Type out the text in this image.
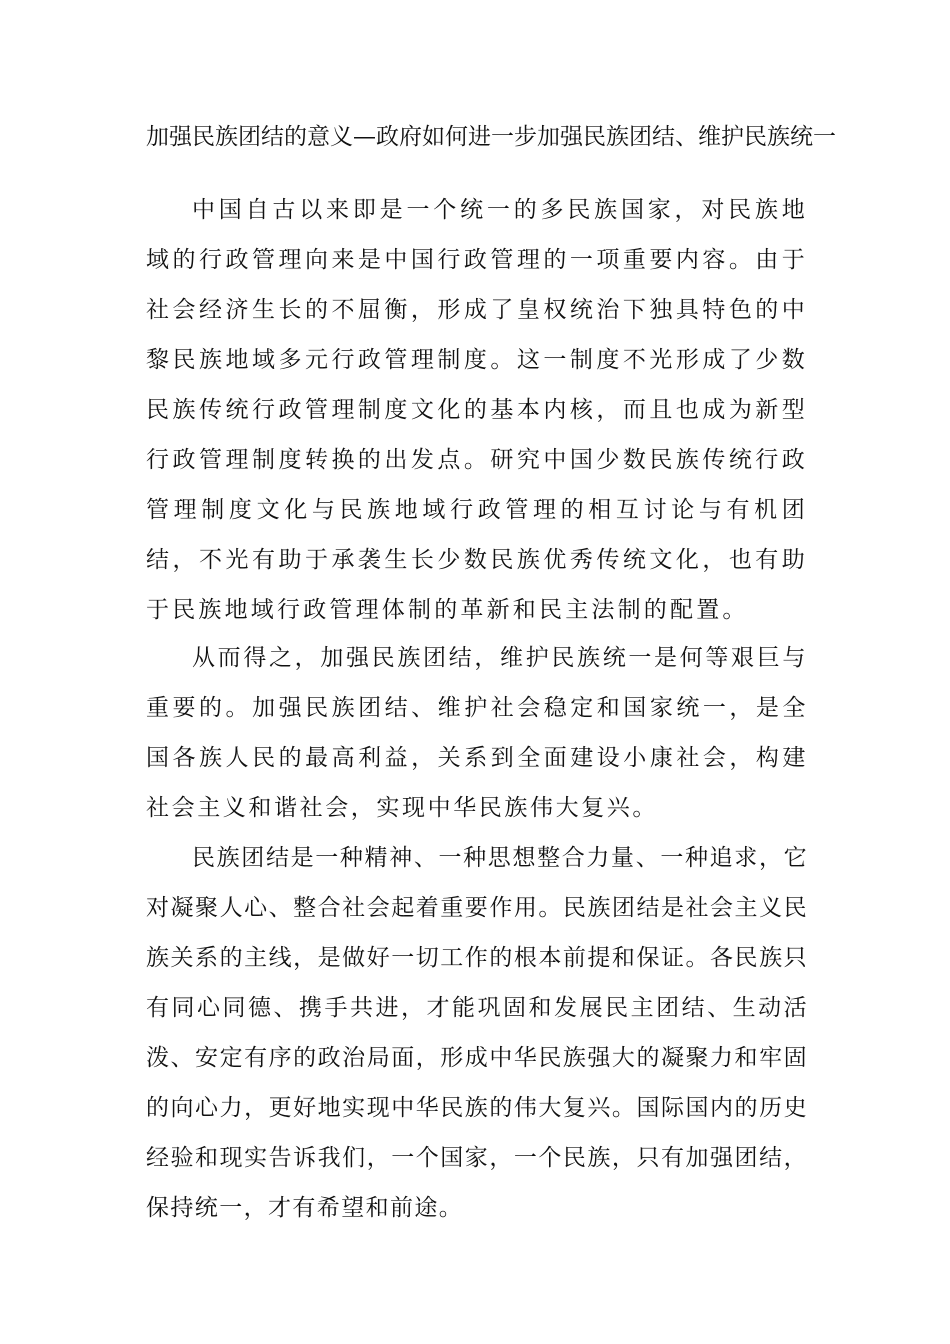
加强民族团结的意义—政府如何进一步加强民族团结、维护民族统一

中国自古以来即是一个统一的多民族国家，对民族地域的行政管理向来是中国行政管理的一项重要内容。由于社会经济生长的不屈衡，形成了皇权统治下独具特色的中黎民族地域多元行政管理制度。这一制度不光形成了少数民族传统行政管理制度文化的基本内核，而且也成为新型行政管理制度转换的出发点。研究中国少数民族传统行政管理制度文化与民族地域行政管理的相互讨论与有机团结，不光有助于承袭生长少数民族优秀传统文化，也有助于民族地域行政管理体制的革新和民主法制的配置。

从而得之，加强民族团结，维护民族统一是何等艰巨与重要的。加强民族团结、维护社会稳定和国家统一，是全国各族人民的最高利益，关系到全面建设小康社会，构建社会主义和谐社会，实现中华民族伟大复兴。

民族团结是一种精神、一种思想整合力量、一种追求，它对凝聚人心、整合社会起着重要作用。民族团结是社会主义民族关系的主线，是做好一切工作的根本前提和保证。各民族只有同心同德、携手共进，才能巩固和发展民主团结、生动活泼、安定有序的政治局面，形成中华民族强大的凝聚力和牢固的向心力，更好地实现中华民族的伟大复兴。国际国内的历史经验和现实告诉我们，一个国家，一个民族，只有加强团结，保持统一，才有希望和前途。
